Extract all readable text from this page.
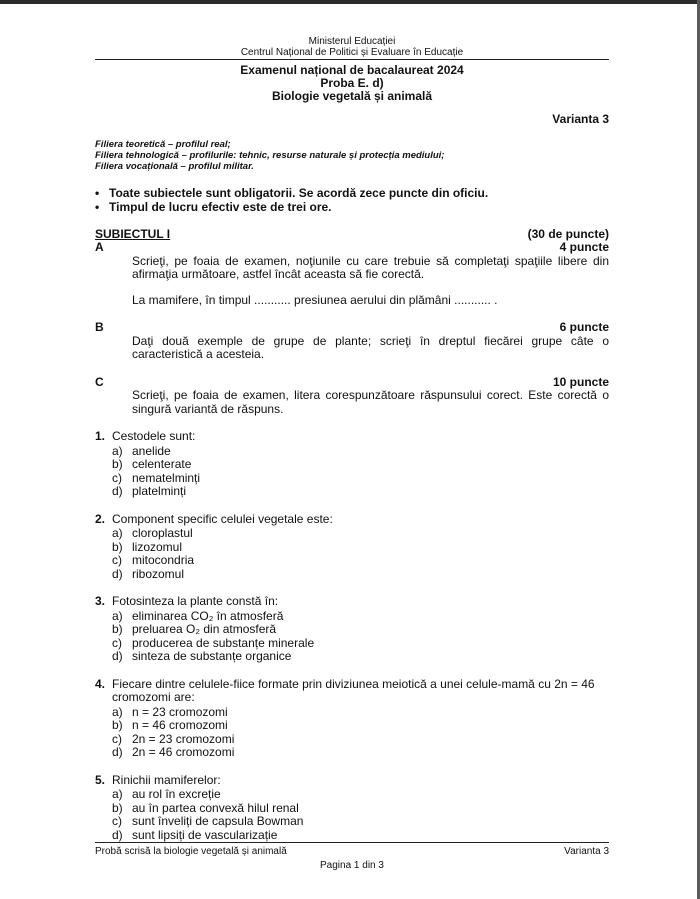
Ministerul Educației
Centrul Național de Politici și Evaluare în Educație
Examenul național de bacalaureat 2024
Proba E. d)
Biologie vegetală și animală
Varianta 3
Filiera teoretică – profilul real;
Filiera tehnologică – profilurile: tehnic, resurse naturale și protecția mediului;
Filiera vocațională – profilul militar.
• Toate subiectele sunt obligatorii. Se acordă zece puncte din oficiu.
• Timpul de lucru efectiv este de trei ore.
SUBIECTUL I	(30 de puncte)
A	4 puncte
Scrieţi, pe foaia de examen, noţiunile cu care trebuie să completaţi spaţiile libere din afirmaţia următoare, astfel încât aceasta să fie corectă.
La mamifere, în timpul ........... presiunea aerului din plămâni ........... .
B	6 puncte
Daţi două exemple de grupe de plante; scrieţi în dreptul fiecărei grupe câte o caracteristică a acesteia.
C	10 puncte
Scrieţi, pe foaia de examen, litera corespunzătoare răspunsului corect. Este corectă o singură variantă de răspuns.
1. Cestodele sunt:
a) anelide
b) celenterate
c) nematelminți
d) platelminți
2. Component specific celulei vegetale este:
a) cloroplastul
b) lizozomul
c) mitocondria
d) ribozomul
3. Fotosinteza la plante constă în:
a) eliminarea CO₂ în atmosferă
b) preluarea O₂ din atmosferă
c) producerea de substanțe minerale
d) sinteza de substanțe organice
4. Fiecare dintre celulele-fiice formate prin diviziunea meiotică a unei celule-mamă cu 2n = 46 cromozomi are:
a) n = 23 cromozomi
b) n = 46 cromozomi
c) 2n = 23 cromozomi
d) 2n = 46 cromozomi
5. Rinichii mamiferelor:
a) au rol în excreție
b) au în partea convexă hilul renal
c) sunt înveliți de capsula Bowman
d) sunt lipsiți de vascularizație
Probă scrisă la biologie vegetală și animală	Varianta 3
Pagina 1 din 3
